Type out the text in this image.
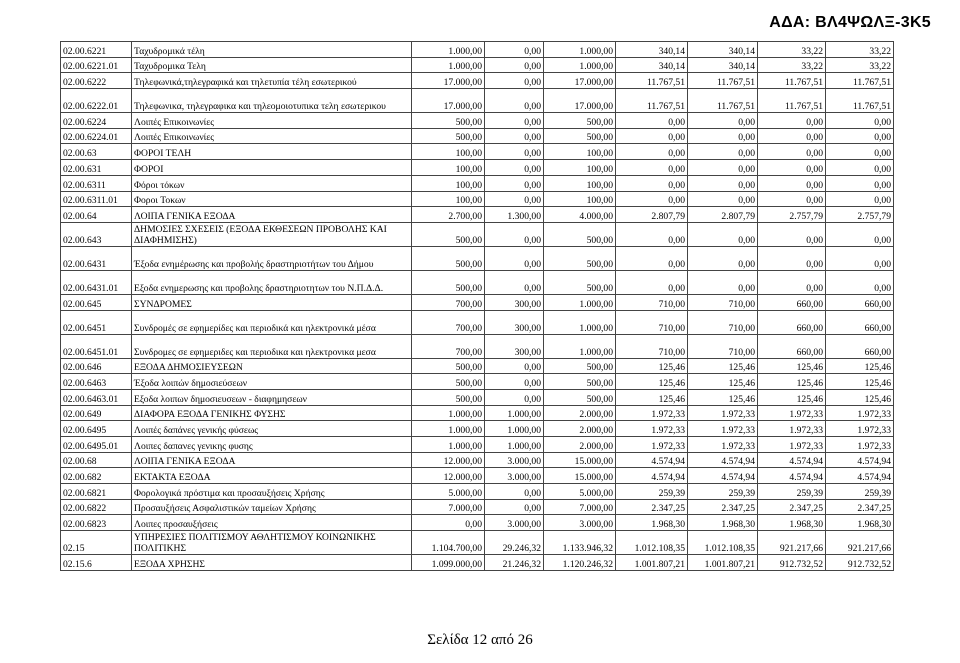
ΑΔΑ: ΒΛ4ΨΩΛΞ-3Κ5
02.00.6221	Ταχυδρομικά τέλη	1.000,00	0,00	1.000,00	340,14	340,14	33,22	33,22
02.00.6221.01	Ταχυδρομικα Τελη	1.000,00	0,00	1.000,00	340,14	340,14	33,22	33,22
02.00.6222	Τηλεφωνικά,τηλεγραφικά και τηλετυπία τέλη εσωτερικού	17.000,00	0,00	17.000,00	11.767,51	11.767,51	11.767,51	11.767,51
02.00.6222.01	Τηλεφωνικα, τηλεγραφικα και τηλεομοιοτυπικα τελη εσωτερικου	17.000,00	0,00	17.000,00	11.767,51	11.767,51	11.767,51	11.767,51
02.00.6224	Λοιπές Επικοινωνίες	500,00	0,00	500,00	0,00	0,00	0,00	0,00
02.00.6224.01	Λοιπές Επικοινωνίες	500,00	0,00	500,00	0,00	0,00	0,00	0,00
02.00.63	ΦΟΡΟΙ ΤΕΛΗ	100,00	0,00	100,00	0,00	0,00	0,00	0,00
02.00.631	ΦΟΡΟΙ	100,00	0,00	100,00	0,00	0,00	0,00	0,00
02.00.6311	Φόροι τόκων	100,00	0,00	100,00	0,00	0,00	0,00	0,00
02.00.6311.01	Φοροι Τοκων	100,00	0,00	100,00	0,00	0,00	0,00	0,00
02.00.64	ΛΟΙΠΑ ΓΕΝΙΚΑ ΕΞΟΔΑ	2.700,00	1.300,00	4.000,00	2.807,79	2.807,79	2.757,79	2.757,79
02.00.643	ΔΗΜΟΣΙΕΣ ΣΧΕΣΕΙΣ (ΕΞΟΔΑ ΕΚΘΕΣΕΩΝ ΠΡΟΒΟΛΗΣ ΚΑΙ ΔΙΑΦΗΜΙΣΗΣ)	500,00	0,00	500,00	0,00	0,00	0,00	0,00
02.00.6431	Έξοδα ενημέρωσης και προβολής δραστηριοτήτων του Δήμου	500,00	0,00	500,00	0,00	0,00	0,00	0,00
02.00.6431.01	Εξοδα ενημερωσης και προβολης δραστηριοτητων του Ν.Π.Δ.Δ.	500,00	0,00	500,00	0,00	0,00	0,00	0,00
02.00.645	ΣΥΝΔΡΟΜΕΣ	700,00	300,00	1.000,00	710,00	710,00	660,00	660,00
02.00.6451	Συνδρομές σε εφημερίδες και περιοδικά και ηλεκτρονικά μέσα	700,00	300,00	1.000,00	710,00	710,00	660,00	660,00
02.00.6451.01	Συνδρομες σε εφημεριδες και περιοδικα και ηλεκτρονικα μεσα	700,00	300,00	1.000,00	710,00	710,00	660,00	660,00
02.00.646	ΕΞΟΔΑ ΔΗΜΟΣΙΕΥΣΕΩΝ	500,00	0,00	500,00	125,46	125,46	125,46	125,46
02.00.6463	Έξοδα λοιπών δημοσιεύσεων	500,00	0,00	500,00	125,46	125,46	125,46	125,46
02.00.6463.01	Εξοδα λοιπων δημοσιευσεων - διαφημησεων	500,00	0,00	500,00	125,46	125,46	125,46	125,46
02.00.649	ΔΙΑΦΟΡΑ ΕΞΟΔΑ ΓΕΝΙΚΗΣ ΦΥΣΗΣ	1.000,00	1.000,00	2.000,00	1.972,33	1.972,33	1.972,33	1.972,33
02.00.6495	Λοιπές δαπάνες γενικής φύσεως	1.000,00	1.000,00	2.000,00	1.972,33	1.972,33	1.972,33	1.972,33
02.00.6495.01	Λοιπες δαπανες γενικης φυσης	1.000,00	1.000,00	2.000,00	1.972,33	1.972,33	1.972,33	1.972,33
02.00.68	ΛΟΙΠΑ ΓΕΝΙΚΑ ΕΞΟΔΑ	12.000,00	3.000,00	15.000,00	4.574,94	4.574,94	4.574,94	4.574,94
02.00.682	ΕΚΤΑΚΤΑ ΕΞΟΔΑ	12.000,00	3.000,00	15.000,00	4.574,94	4.574,94	4.574,94	4.574,94
02.00.6821	Φορολογικά πρόστιμα και προσαυξήσεις Χρήσης	5.000,00	0,00	5.000,00	259,39	259,39	259,39	259,39
02.00.6822	Προσαυξήσεις Ασφαλιστικών ταμείων Χρήσης	7.000,00	0,00	7.000,00	2.347,25	2.347,25	2.347,25	2.347,25
02.00.6823	Λοιπες προσαυξήσεις	0,00	3.000,00	3.000,00	1.968,30	1.968,30	1.968,30	1.968,30
02.15	ΥΠΗΡΕΣΙΕΣ ΠΟΛΙΤΙΣΜΟΥ ΑΘΛΗΤΙΣΜΟΥ ΚΟΙΝΩΝΙΚΗΣ ΠΟΛΙΤΙΚΗΣ	1.104.700,00	29.246,32	1.133.946,32	1.012.108,35	1.012.108,35	921.217,66	921.217,66
02.15.6	ΕΞΟΔΑ ΧΡΗΣΗΣ	1.099.000,00	21.246,32	1.120.246,32	1.001.807,21	1.001.807,21	912.732,52	912.732,52
Σελίδα 12 από 26
